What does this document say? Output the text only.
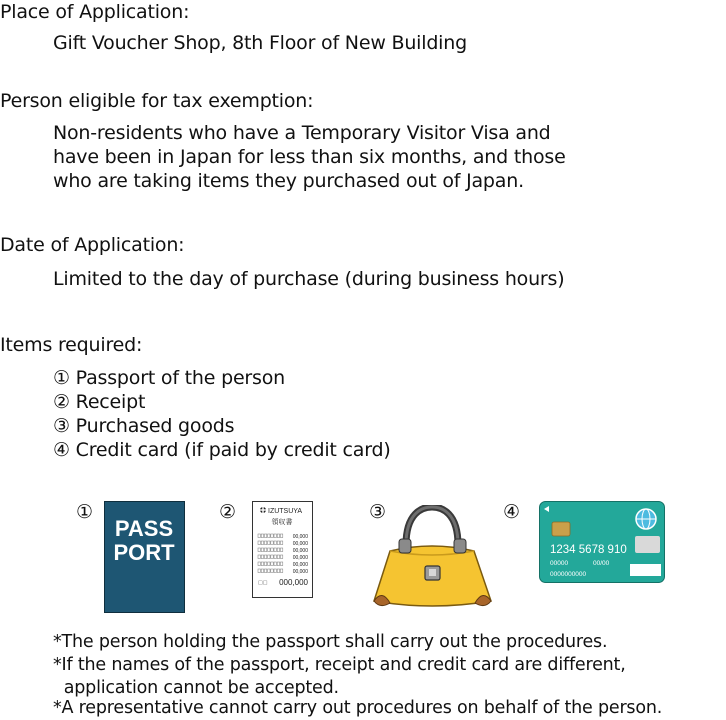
Place of Application:
Gift Voucher Shop, 8th Floor of New Building
Person eligible for tax exemption:
Non-residents who have a Temporary Visitor Visa and
have been in Japan for less than six months, and those
who are taking items they purchased out of Japan.
Date of Application:
Limited to the day of purchase (during business hours)
Items required:
① Passport of the person
② Receipt
③ Purchased goods
④ Credit card (if paid by credit card)
①	②	③	④
PASS
PORT
IZUTSUYA
領収書
00,000
00,000
00,000
00,000
00,000
00,000
□□ 000,000
1234 5678 910
00000	00/00
0000000000
*The person holding the passport shall carry out the procedures.
*If the names of the passport, receipt and credit card are different,
application cannot be accepted.
*A representative cannot carry out procedures on behalf of the person.
